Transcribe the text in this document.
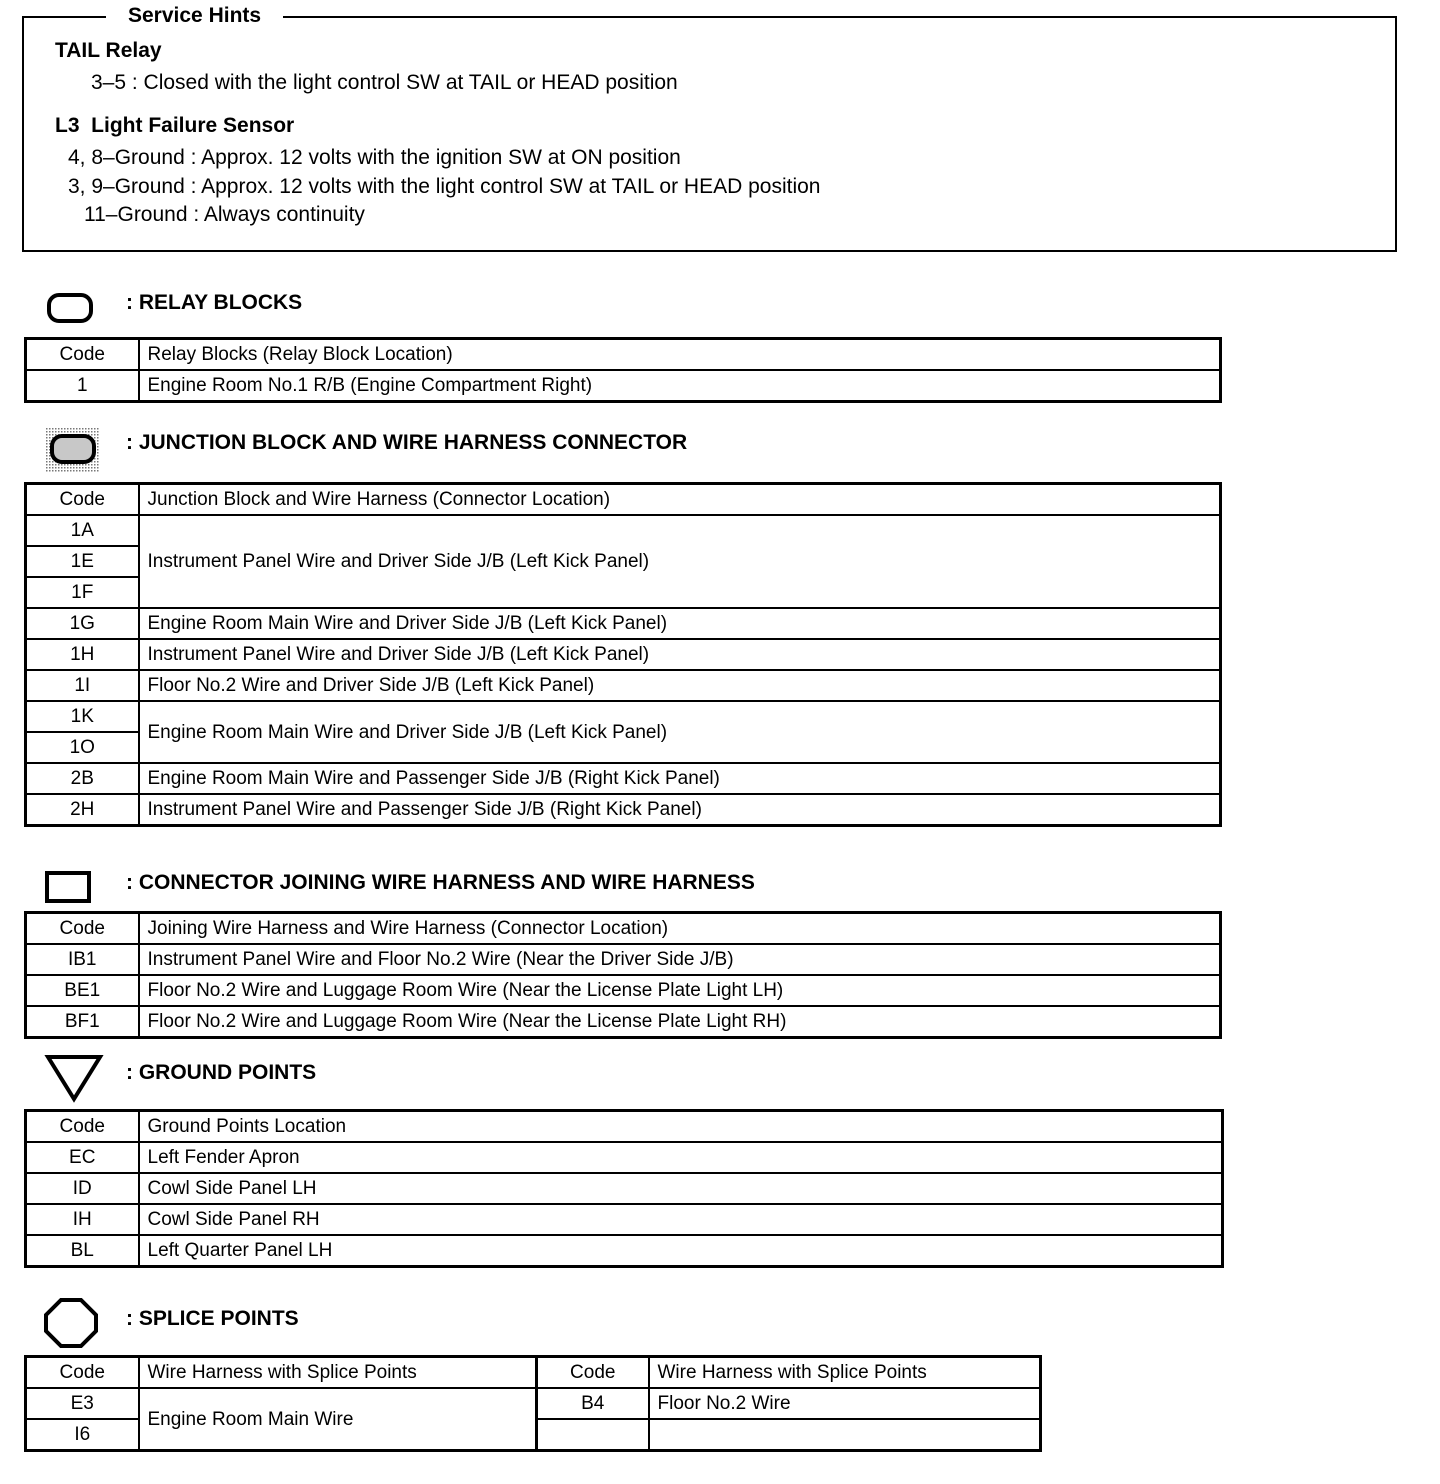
Service Hints
TAIL Relay
3–5 : Closed with the light control SW at TAIL or HEAD position
L3  Light Failure Sensor
4, 8–Ground : Approx. 12 volts with the ignition SW at ON position
3, 9–Ground : Approx. 12 volts with the light control SW at TAIL or HEAD position
11–Ground : Always continuity
: RELAY BLOCKS
Code	Relay Blocks (Relay Block Location)
1	Engine Room No.1 R/B (Engine Compartment Right)
: JUNCTION BLOCK AND WIRE HARNESS CONNECTOR
Code	Junction Block and Wire Harness (Connector Location)
1A	Instrument Panel Wire and Driver Side J/B (Left Kick Panel)
1E	
1F	
1G	Engine Room Main Wire and Driver Side J/B (Left Kick Panel)
1H	Instrument Panel Wire and Driver Side J/B (Left Kick Panel)
1I	Floor No.2 Wire and Driver Side J/B (Left Kick Panel)
1K	Engine Room Main Wire and Driver Side J/B (Left Kick Panel)
1O	
2B	Engine Room Main Wire and Passenger Side J/B (Right Kick Panel)
2H	Instrument Panel Wire and Passenger Side J/B (Right Kick Panel)
: CONNECTOR JOINING WIRE HARNESS AND WIRE HARNESS
Code	Joining Wire Harness and Wire Harness (Connector Location)
IB1	Instrument Panel Wire and Floor No.2 Wire (Near the Driver Side J/B)
BE1	Floor No.2 Wire and Luggage Room Wire (Near the License Plate Light LH)
BF1	Floor No.2 Wire and Luggage Room Wire (Near the License Plate Light RH)
: GROUND POINTS
Code	Ground Points Location
EC	Left Fender Apron
ID	Cowl Side Panel LH
IH	Cowl Side Panel RH
BL	Left Quarter Panel LH
: SPLICE POINTS
Code	Wire Harness with Splice Points	Code	Wire Harness with Splice Points
E3	Engine Room Main Wire	B4	Floor No.2 Wire
I6			
